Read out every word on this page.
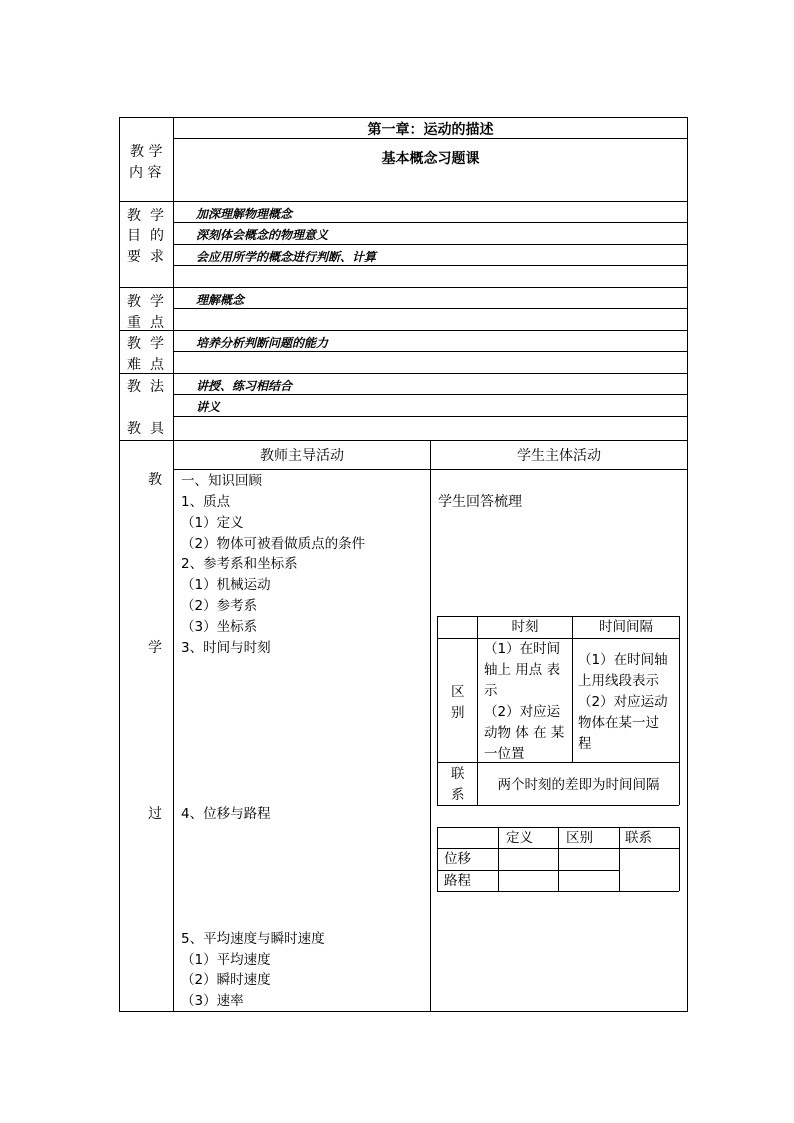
第一章：运动的描述
基本概念习题课
教 学
内 容
教 学
目 的
要 求
教 学
重 点
教 学
难 点
教 法
教 具
教
学
过
加深理解物理概念
深刻体会概念的物理意义
会应用所学的概念进行判断、计算
理解概念
培养分析判断问题的能力
讲授、练习相结合
讲义
教师主导活动	学生主体活动
一、知识回顾
1、质点
（1）定义
（2）物体可被看做质点的条件
2、参考系和坐标系
（1）机械运动
（2）参考系
（3）坐标系
3、时间与时刻
4、位移与路程
5、平均速度与瞬时速度
（1）平均速度
（2）瞬时速度
（3）速率
学生回答梳理
时刻	时间间隔
区
别
（1）在时间
轴上 用点 表
示
（2）对应运
动物 体 在 某
一位置
（1）在时间轴
上用线段表示
（2）对应运动
物体在某一过
程
联
系
两个时刻的差即为时间间隔
定义 区别 联系
位移
路程
